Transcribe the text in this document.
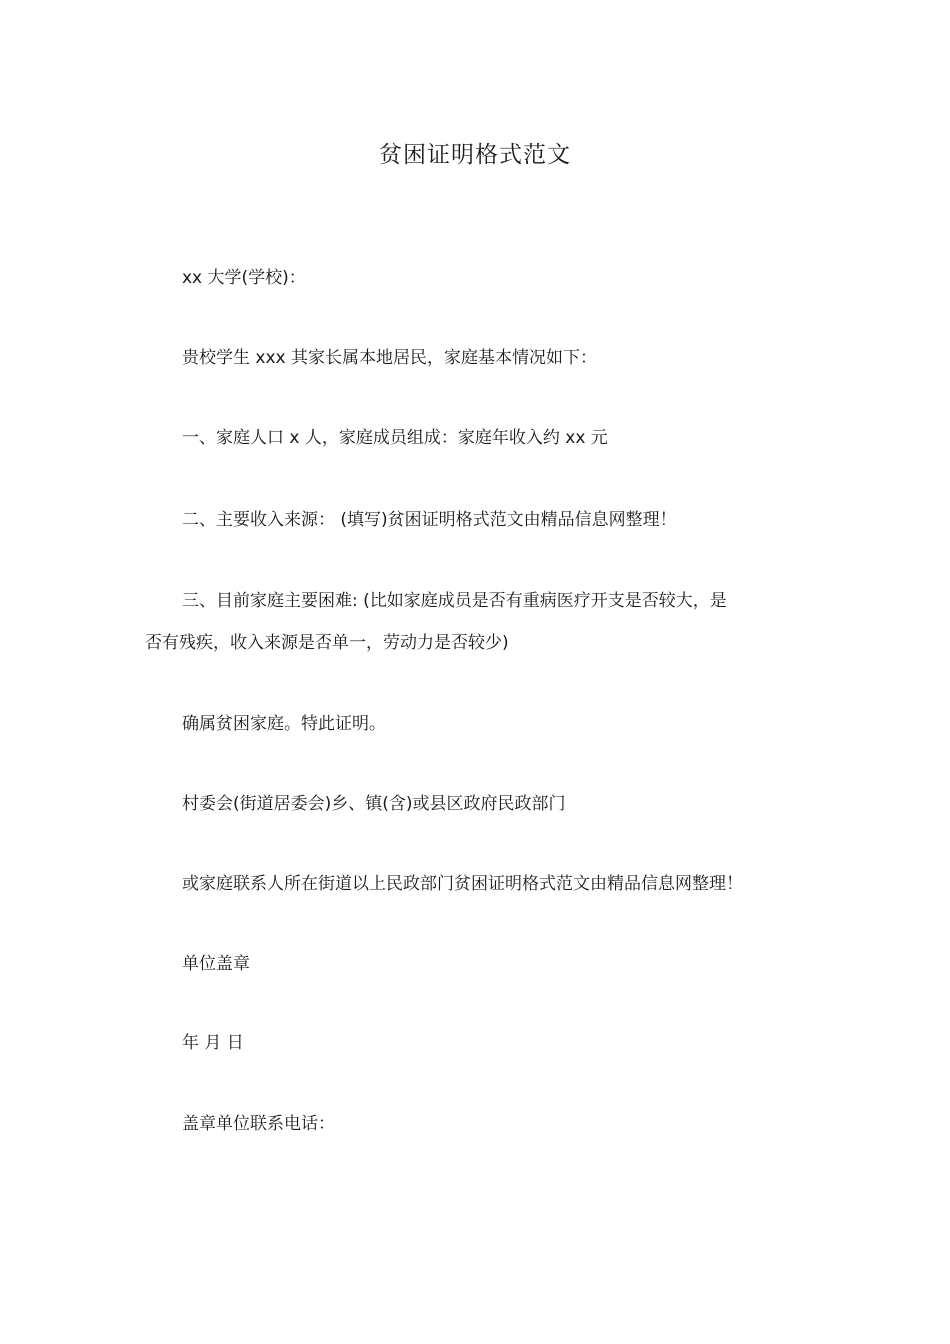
贫困证明格式范文
xx 大学(学校)：
贵校学生 xxx 其家长属本地居民，家庭基本情况如下：
一、家庭人口 x 人，家庭成员组成：家庭年收入约 xx 元
二、主要收入来源： (填写)贫困证明格式范文由精品信息网整理！
三、目前家庭主要困难: (比如家庭成员是否有重病医疗开支是否较大，是
否有残疾，收入来源是否单一，劳动力是否较少)
确属贫困家庭。特此证明。
村委会(街道居委会)乡、镇(含)或县区政府民政部门
或家庭联系人所在街道以上民政部门贫困证明格式范文由精品信息网整理！
单位盖章
年 月 日
盖章单位联系电话：
